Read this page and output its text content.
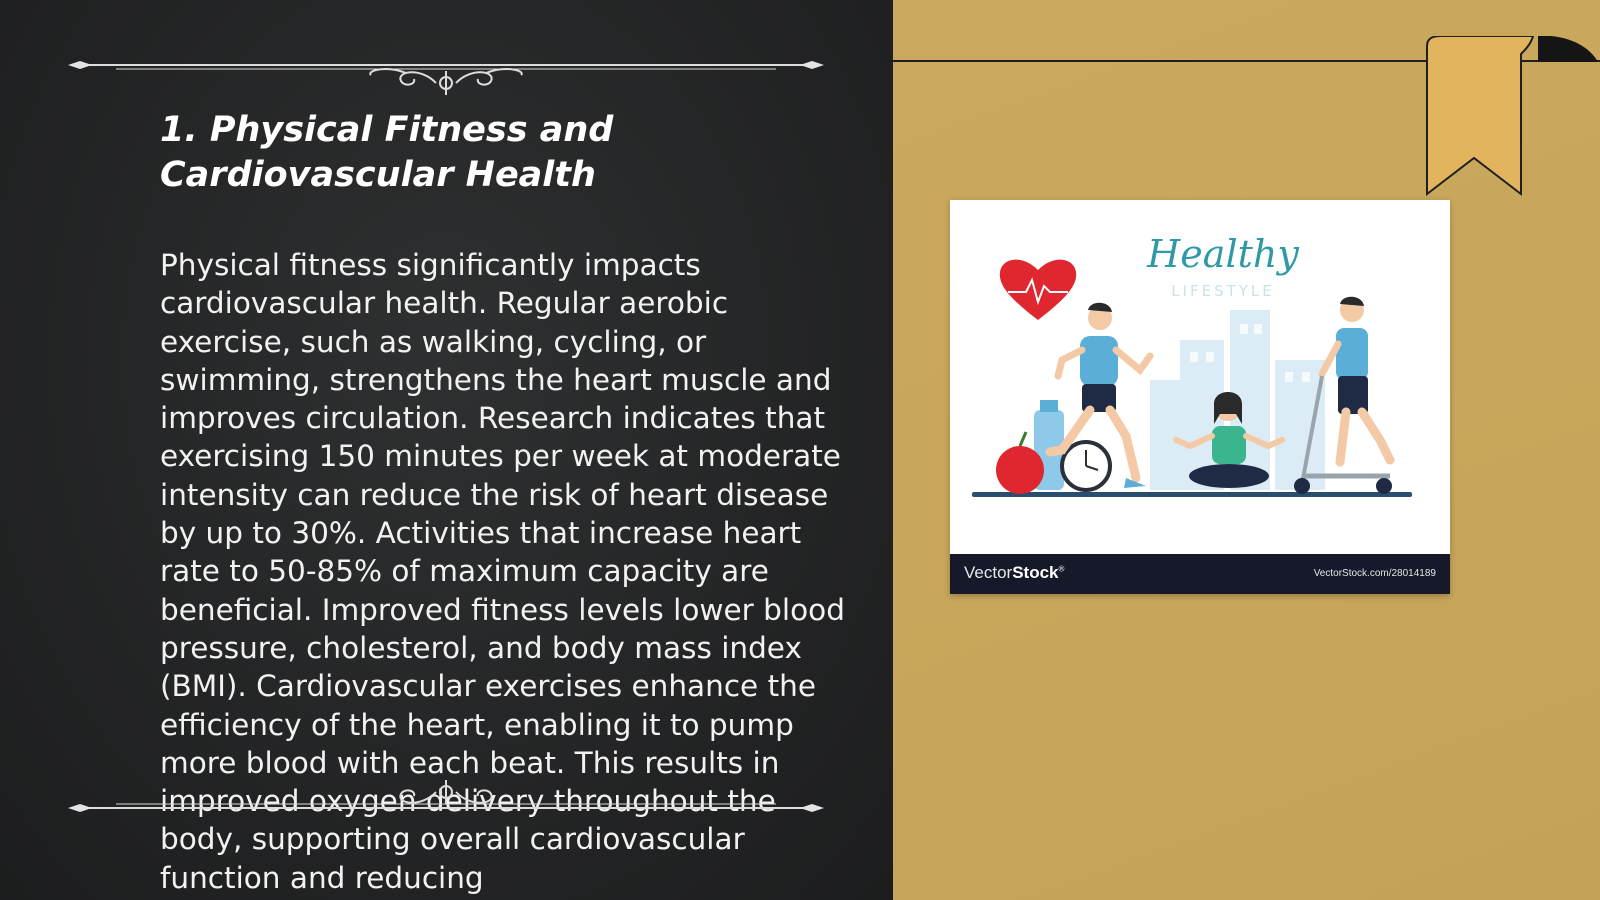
1. Physical Fitness and Cardiovascular Health

Physical fitness significantly impacts cardiovascular health. Regular aerobic exercise, such as walking, cycling, or swimming, strengthens the heart muscle and improves circulation. Research indicates that exercising 150 minutes per week at moderate intensity can reduce the risk of heart disease by up to 30%. Activities that increase heart rate to 50-85% of maximum capacity are beneficial. Improved fitness levels lower blood pressure, cholesterol, and body mass index (BMI). Cardiovascular exercises enhance the efficiency of the heart, enabling it to pump more blood with each beat. This results in improved oxygen delivery throughout the body, supporting overall cardiovascular function and reducing

Healthy
LIFESTYLE
VectorStock®	VectorStock.com/28014189
